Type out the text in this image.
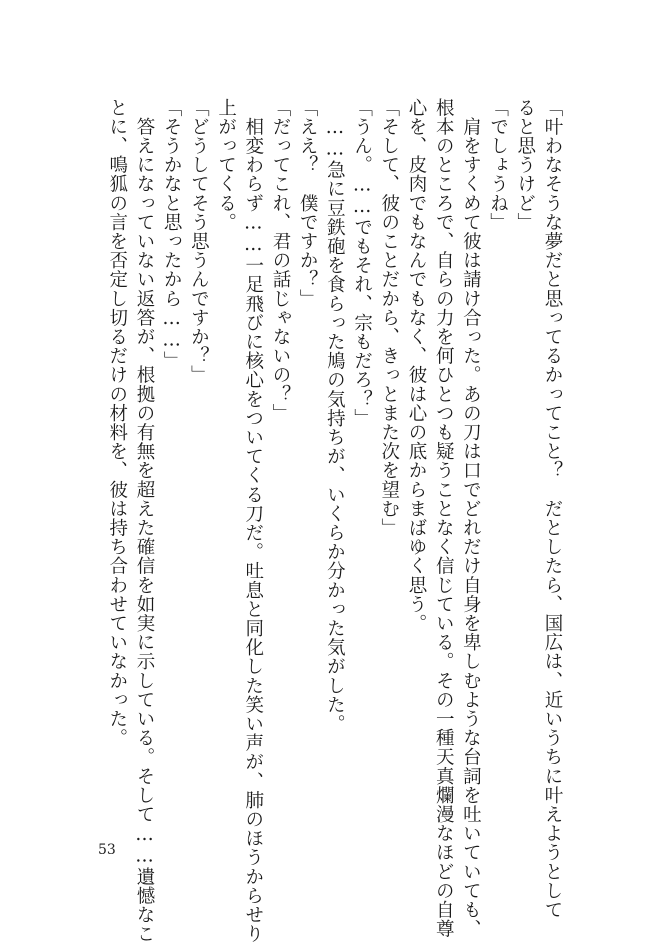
「叶わなそうな夢だと思ってるかってこと？　だとしたら、国広は、近いうちに叶えようとして
ると思うけど」
「でしょうね」
　肩をすくめて彼は請け合った。あの刀は口でどれだけ自身を卑しむような台詞を吐いていても、
根本のところで、自らの力を何ひとつも疑うことなく信じている。その一種天真爛漫なほどの自尊
心を、皮肉でもなんでもなく、彼は心の底からまばゆく思う。
「そして、彼のことだから、きっとまた次を望む」
「うん。……でもそれ、宗もだろ？」
　……急に豆鉄砲を食らった鳩の気持ちが、いくらか分かった気がした。
「ええ？　僕ですか？」
「だってこれ、君の話じゃないの？」
　相変わらず……一足飛びに核心をついてくる刀だ。吐息と同化した笑い声が、肺のほうからせり
上がってくる。
「どうしてそう思うんですか？」
「そうかなと思ったから……」
　答えになっていない返答が、根拠の有無を超えた確信を如実に示している。そして……遺憾なこ
とに、鳴狐の言を否定し切るだけの材料を、彼は持ち合わせていなかった。
53
